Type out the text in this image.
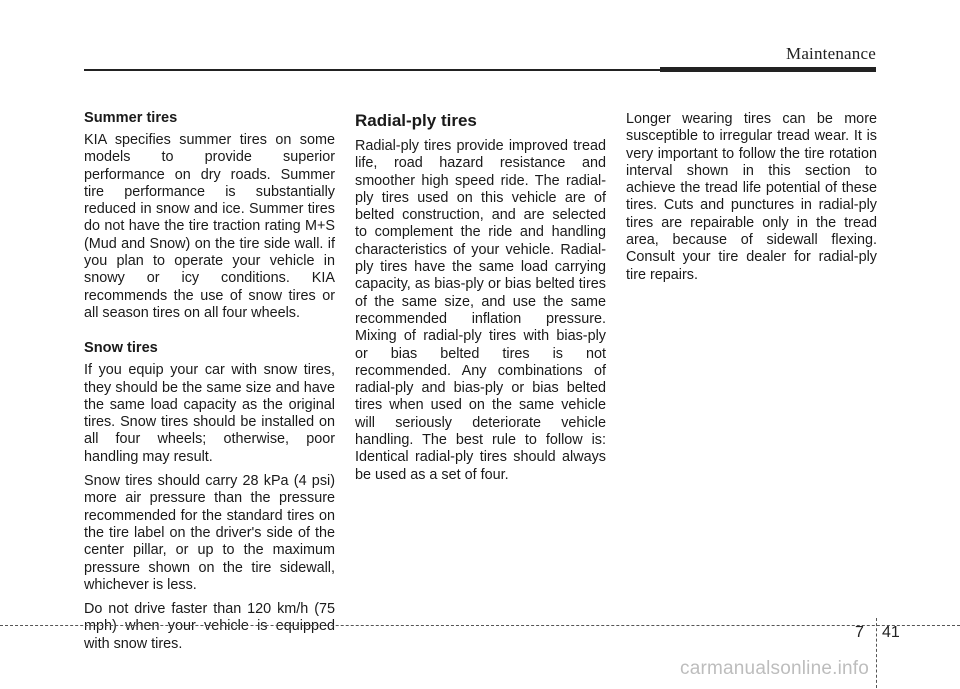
Maintenance
Summer tires

KIA specifies summer tires on some models to provide superior performance on dry roads. Summer tire performance is substantially reduced in snow and ice. Summer tires do not have the tire traction rating M+S (Mud and Snow) on the tire side wall. if you plan to operate your vehicle in snowy or icy conditions. KIA recommends the use of snow tires or all season tires on all four wheels.

Snow tires

If you equip your car with snow tires, they should be the same size and have the same load capacity as the original tires. Snow tires should be installed on all four wheels; otherwise, poor handling may result.

Snow tires should carry 28 kPa (4 psi) more air pressure than the pressure recommended for the standard tires on the tire label on the driver's side of the center pillar, or up to the maximum pressure shown on the tire sidewall, whichever is less.

Do not drive faster than 120 km/h (75 mph) when your vehicle is equipped with snow tires.

Radial-ply tires

Radial-ply tires provide improved tread life, road hazard resistance and smoother high speed ride. The radial-ply tires used on this vehicle are of belted construction, and are selected to complement the ride and handling characteristics of your vehicle. Radial-ply tires have the same load carrying capacity, as bias-ply or bias belted tires of the same size, and use the same recommended inflation pressure. Mixing of radial-ply tires with bias-ply or bias belted tires is not recommended. Any combinations of radial-ply and bias-ply or bias belted tires when used on the same vehicle will seriously deteriorate vehicle handling. The best rule to follow is: Identical radial-ply tires should always be used as a set of four.

Longer wearing tires can be more susceptible to irregular tread wear. It is very important to follow the tire rotation interval shown in this section to achieve the tread life potential of these tires. Cuts and punctures in radial-ply tires are repairable only in the tread area, because of sidewall flexing. Consult your tire dealer for radial-ply tire repairs.

7 41
carmanualsonline.info
